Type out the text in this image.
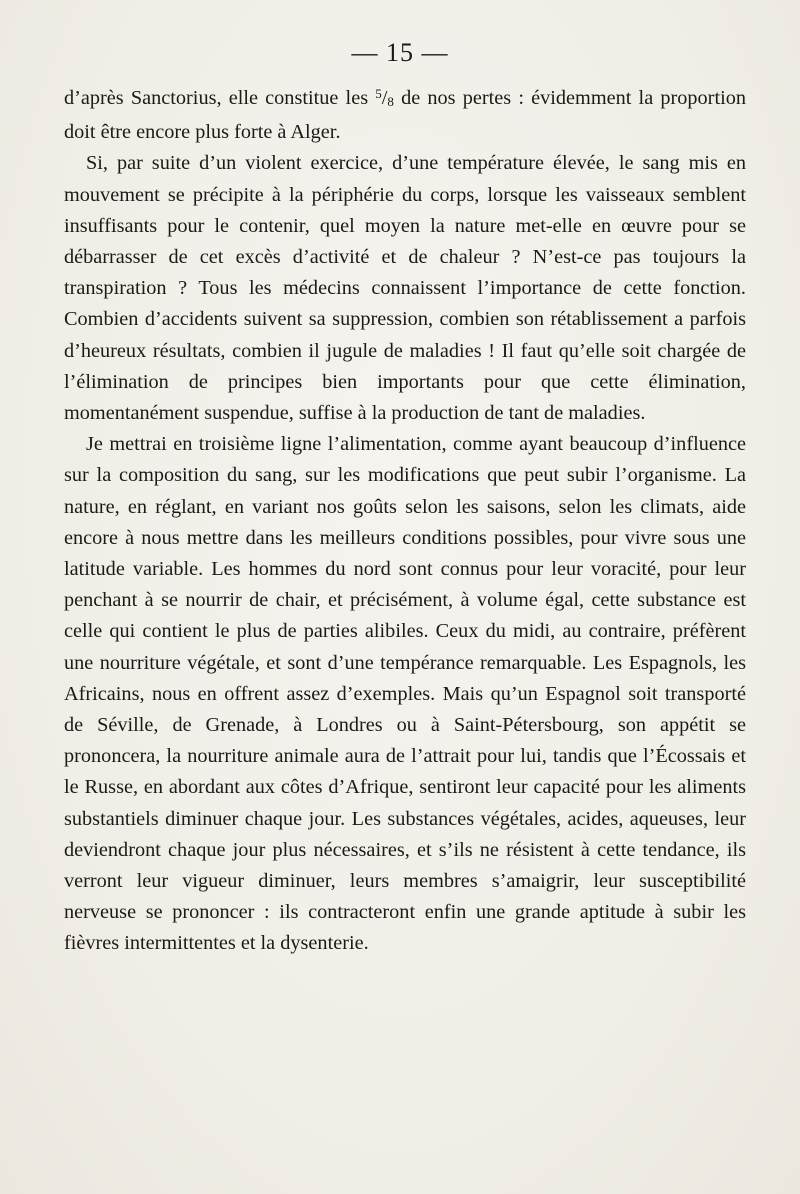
— 15 —

d’après Sanctorius, elle constitue les $^5/_8$ de nos pertes : évidemment la proportion doit être encore plus forte à Alger.

Si, par suite d’un violent exercice, d’une température élevée, le sang mis en mouvement se précipite à la périphérie du corps, lorsque les vaisseaux semblent insuffisants pour le contenir, quel moyen la nature met-elle en œuvre pour se débarrasser de cet excès d’activité et de chaleur ? N’est-ce pas toujours la transpiration ? Tous les médecins connaissent l’importance de cette fonction. Combien d’accidents suivent sa suppression, combien son rétablissement a parfois d’heureux résultats, combien il jugule de maladies ! Il faut qu’elle soit chargée de l’élimination de principes bien importants pour que cette élimination, momentanément suspendue, suffise à la production de tant de maladies.

Je mettrai en troisième ligne l’alimentation, comme ayant beaucoup d’influence sur la composition du sang, sur les modifications que peut subir l’organisme. La nature, en réglant, en variant nos goûts selon les saisons, selon les climats, aide encore à nous mettre dans les meilleurs conditions possibles, pour vivre sous une latitude variable. Les hommes du nord sont connus pour leur voracité, pour leur penchant à se nourrir de chair, et précisément, à volume égal, cette substance est celle qui contient le plus de parties alibiles. Ceux du midi, au contraire, préfèrent une nourriture végétale, et sont d’une tempérance remarquable. Les Espagnols, les Africains, nous en offrent assez d’exemples. Mais qu’un Espagnol soit transporté de Séville, de Grenade, à Londres ou à Saint-Pétersbourg, son appétit se prononcera, la nourriture animale aura de l’attrait pour lui, tandis que l’Écossais et le Russe, en abordant aux côtes d’Afrique, sentiront leur capacité pour les aliments substantiels diminuer chaque jour. Les substances végétales, acides, aqueuses, leur deviendront chaque jour plus nécessaires, et s’ils ne résistent à cette tendance, ils verront leur vigueur diminuer, leurs membres s’amaigrir, leur susceptibilité nerveuse se prononcer : ils contracteront enfin une grande aptitude à subir les fièvres intermittentes et la dysenterie.
